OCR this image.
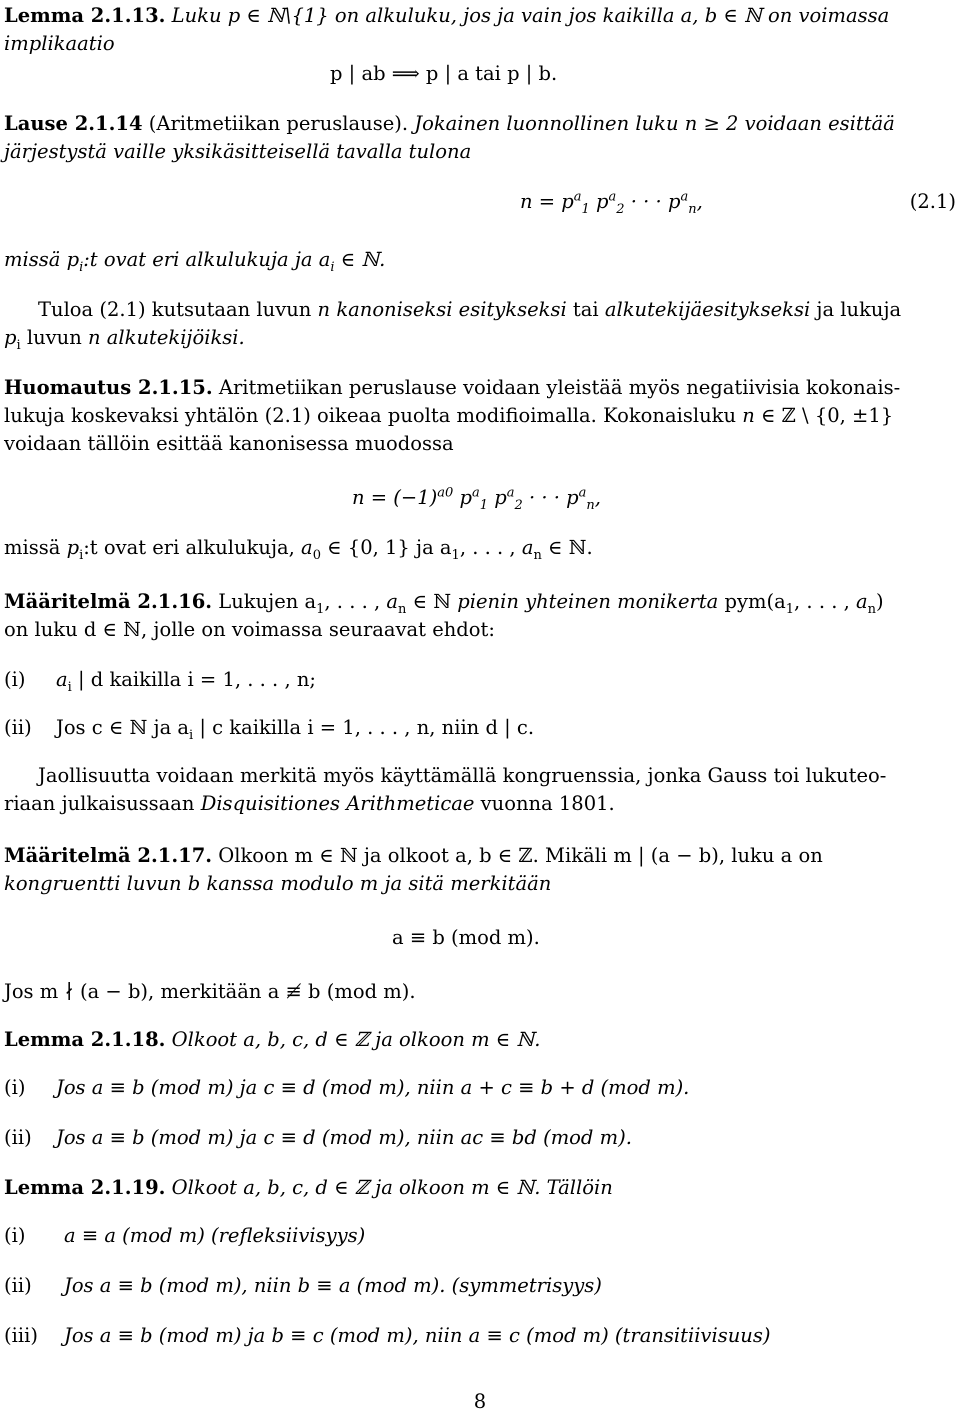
Lemma 2.1.13. Luku p ∈ ℕ\{1} on alkuluku, jos ja vain jos kaikilla a, b ∈ ℕ on voimassa
implikaatio

p | ab ⟹ p | a tai p | b.

Lause 2.1.14 (Aritmetiikan peruslause). Jokainen luonnollinen luku n ≥ 2 voidaan esittää
järjestystä vaille yksikäsitteisellä tavalla tulona

$n = p^a_1$ $p^a_2$ · · · $p^a_n$,	(2.1)

missä $p_i:t$ ovat eri alkulukuja ja $a_i$ ∈ ℕ.

Tuloa (2.1) kutsutaan luvun n kanoniseksi esitykseksi tai alkutekijäesitykseksi ja lukuja
$p_i$ luvun n alkutekijöiksi.

Huomautus 2.1.15. Aritmetiikan peruslause voidaan yleistää myös negatiivisia kokonais-
lukuja koskevaksi yhtälön (2.1) oikeaa puolta modifioimalla. Kokonaisluku n ∈ ℤ \ {0, ±1}
voidaan tällöin esittää kanonisessa muodossa

$n = (-1)^{a0}$ $p^a_1$ $p^a_2$ · · · $p^a_n$,

missä $p_i:t$ ovat eri alkulukuja, $a_0$ ∈ {0, 1} ja $a_1$, . . . , $a_n$ ∈ ℕ.

Määritelmä 2.1.16. Lukujen $a_1$, . . . , $a_n$ ∈ ℕ pienin yhteinen monikerta $pym(a_1$, . . . , $a_n$)
on luku d ∈ ℕ, jolle on voimassa seuraavat ehdot:

(i) $a_i$ | d kaikilla i = 1, . . . , n;

(ii) Jos c ∈ ℕ ja $a_i$ | c kaikilla i = 1, . . . , n, niin d | c.

Jaollisuutta voidaan merkitä myös käyttämällä kongruenssia, jonka Gauss toi lukuteo-
riaan julkaisussaan Disquisitiones Arithmeticae vuonna 1801.

Määritelmä 2.1.17. Olkoon m ∈ ℕ ja olkoot a, b ∈ ℤ. Mikäli m | (a − b), luku a on
kongruentti luvun b kanssa modulo m ja sitä merkitään

a ≡ b (mod m).

Jos m ∤ (a − b), merkitään a ≢ b (mod m).

Lemma 2.1.18. Olkoot a, b, c, d ∈ ℤ ja olkoon m ∈ ℕ.

(i) Jos a ≡ b (mod m) ja c ≡ d (mod m), niin a + c ≡ b + d (mod m).

(ii) Jos a ≡ b (mod m) ja c ≡ d (mod m), niin ac ≡ bd (mod m).

Lemma 2.1.19. Olkoot a, b, c, d ∈ ℤ ja olkoon m ∈ ℕ. Tällöin

(i) a ≡ a (mod m) (refleksiivisyys)

(ii) Jos a ≡ b (mod m), niin b ≡ a (mod m). (symmetrisyys)

(iii) Jos a ≡ b (mod m) ja b ≡ c (mod m), niin a ≡ c (mod m) (transitiivisuus)

8
